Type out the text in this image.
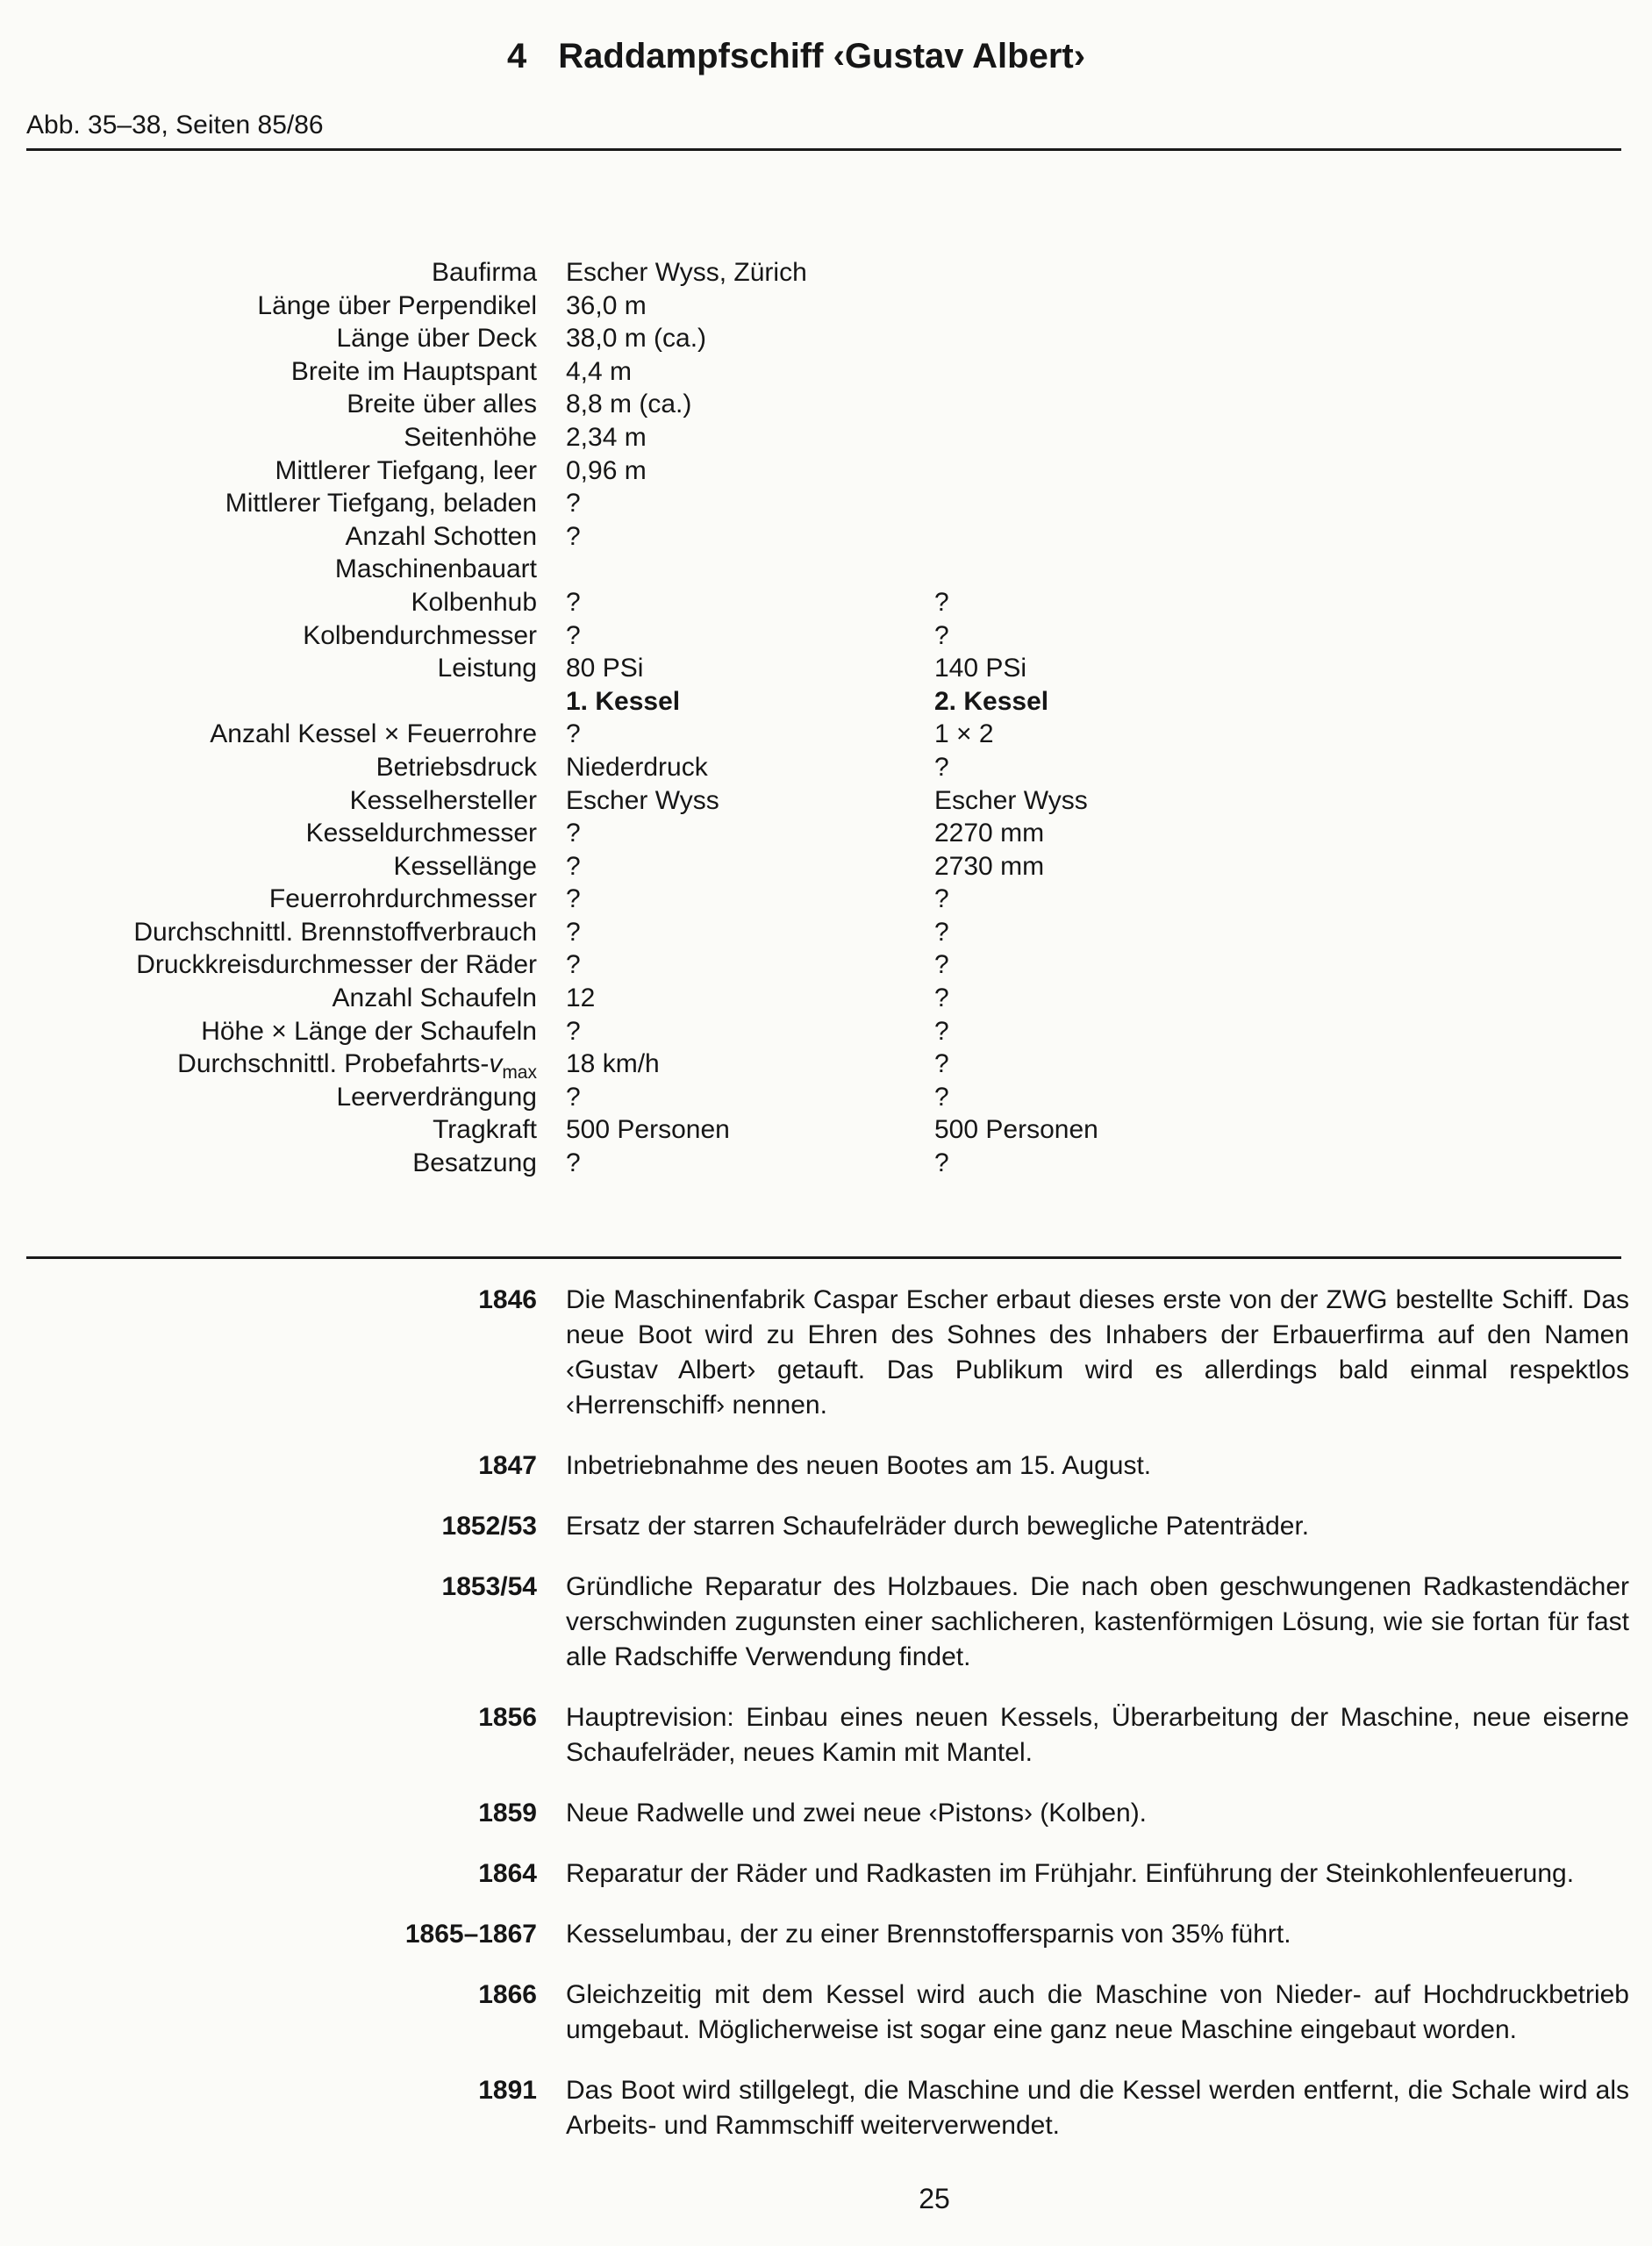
4 Raddampfschiff ‹Gustav Albert›
Abb. 35–38, Seiten 85/86
Baufirma Escher Wyss, Zürich
Länge über Perpendikel 36,0 m
Länge über Deck 38,0 m (ca.)
Breite im Hauptspant 4,4 m
Breite über alles 8,8 m (ca.)
Seitenhöhe 2,34 m
Mittlerer Tiefgang, leer 0,96 m
Mittlerer Tiefgang, beladen ?
Anzahl Schotten ?
Maschinenbauart
Kolbenhub ?	?
Kolbendurchmesser ?	?
Leistung 80 PSi	140 PSi
1. Kessel	2. Kessel
Anzahl Kessel × Feuerrohre ?	1 × 2
Betriebsdruck Niederdruck	?
Kesselhersteller Escher Wyss	Escher Wyss
Kesseldurchmesser ?	2270 mm
Kessellänge ?	2730 mm
Feuerrohrdurchmesser ?	?
Durchschnittl. Brennstoffverbrauch ?	?
Druckkreisdurchmesser der Räder ?	?
Anzahl Schaufeln 12	?
Höhe × Länge der Schaufeln ?	?
Durchschnittl. Probefahrts-$v_{max}$ 18 km/h	?
Leerverdrängung ?	?
Tragkraft 500 Personen	500 Personen
Besatzung ?	?
1846 Die Maschinenfabrik Caspar Escher erbaut dieses erste von der ZWG bestellte Schiff. Das neue Boot wird zu Ehren des Sohnes des Inhabers der Erbauerfirma auf den Namen ‹Gustav Albert› getauft. Das Publikum wird es allerdings bald einmal respektlos ‹Herrenschiff› nennen.
1847 Inbetriebnahme des neuen Bootes am 15. August.
1852/53 Ersatz der starren Schaufelräder durch bewegliche Patenträder.
1853/54 Gründliche Reparatur des Holzbaues. Die nach oben geschwungenen Radkastendächer verschwinden zugunsten einer sachlicheren, kastenförmigen Lösung, wie sie fortan für fast alle Radschiffe Verwendung findet.
1856 Hauptrevision: Einbau eines neuen Kessels, Überarbeitung der Maschine, neue eiserne Schaufelräder, neues Kamin mit Mantel.
1859 Neue Radwelle und zwei neue ‹Pistons› (Kolben).
1864 Reparatur der Räder und Radkasten im Frühjahr. Einführung der Steinkohlenfeuerung.
1865–1867 Kesselumbau, der zu einer Brennstoffersparnis von 35% führt.
1866 Gleichzeitig mit dem Kessel wird auch die Maschine von Nieder- auf Hochdruckbetrieb umgebaut. Möglicherweise ist sogar eine ganz neue Maschine eingebaut worden.
1891 Das Boot wird stillgelegt, die Maschine und die Kessel werden entfernt, die Schale wird als Arbeits- und Rammschiff weiterverwendet.
25
